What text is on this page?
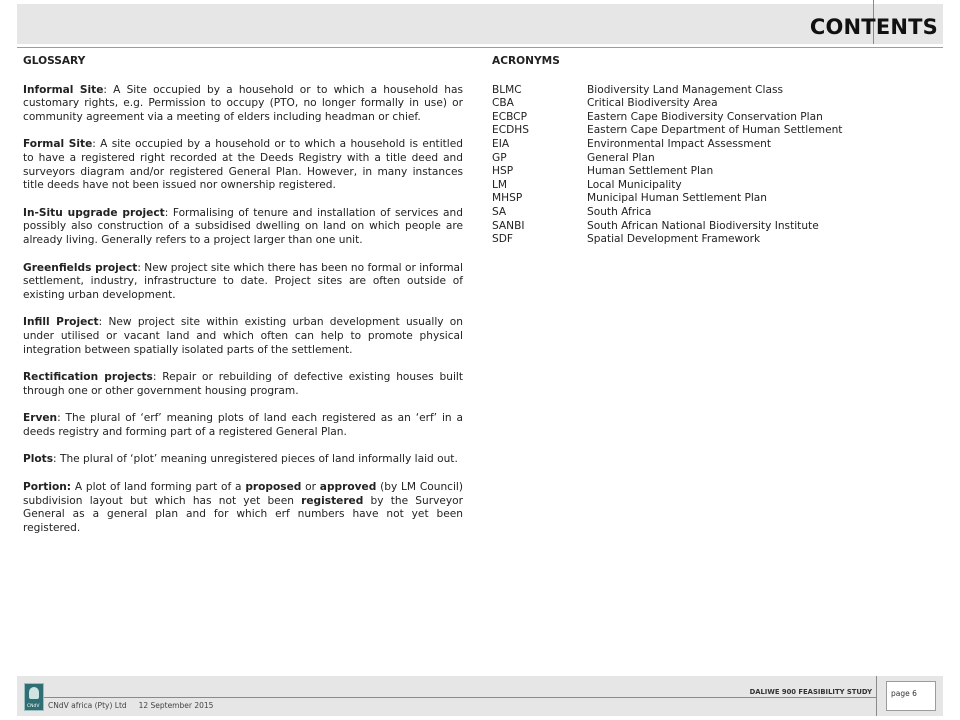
CONTENTS
GLOSSARY

Informal Site: A Site occupied by a household or to which a household has customary rights, e.g. Permission to occupy (PTO, no longer formally in use) or community agreement via a meeting of elders including headman or chief.

Formal Site: A site occupied by a household or to which a household is entitled to have a registered right recorded at the Deeds Registry with a title deed and surveyors diagram and/or registered General Plan. However, in many instances title deeds have not been issued nor ownership registered.

In-Situ upgrade project: Formalising of tenure and installation of services and possibly also construction of a subsidised dwelling on land on which people are already living. Generally refers to a project larger than one unit.

Greenfields project: New project site which there has been no formal or informal settlement, industry, infrastructure to date. Project sites are often outside of existing urban development.

Infill Project: New project site within existing urban development usually on under utilised or vacant land and which often can help to promote physical integration between spatially isolated parts of the settlement.

Rectification projects: Repair or rebuilding of defective existing houses built through one or other government housing program.

Erven: The plural of ‘erf’ meaning plots of land each registered as an ‘erf’ in a deeds registry and forming part of a registered General Plan.

Plots: The plural of ‘plot’ meaning unregistered pieces of land informally laid out.

Portion: A plot of land forming part of a proposed or approved (by LM Council) subdivision layout but which has not yet been registered by the Surveyor General as a general plan and for which erf numbers have not yet been registered.

ACRONYMS
BLMC	Biodiversity Land Management Class
CBA	Critical Biodiversity Area
ECBCP	Eastern Cape Biodiversity Conservation Plan
ECDHS	Eastern Cape Department of Human Settlement
EIA	Environmental Impact Assessment
GP	General Plan
HSP	Human Settlement Plan
LM	Local Municipality
MHSP	Municipal Human Settlement Plan
SA	South Africa
SANBI	South African National Biodiversity Institute
SDF	Spatial Development Framework
CNdV CNdV africa (Pty) Ltd     12 September 2015
DALIWE 900 FEASIBILITY STUDY	page 6
